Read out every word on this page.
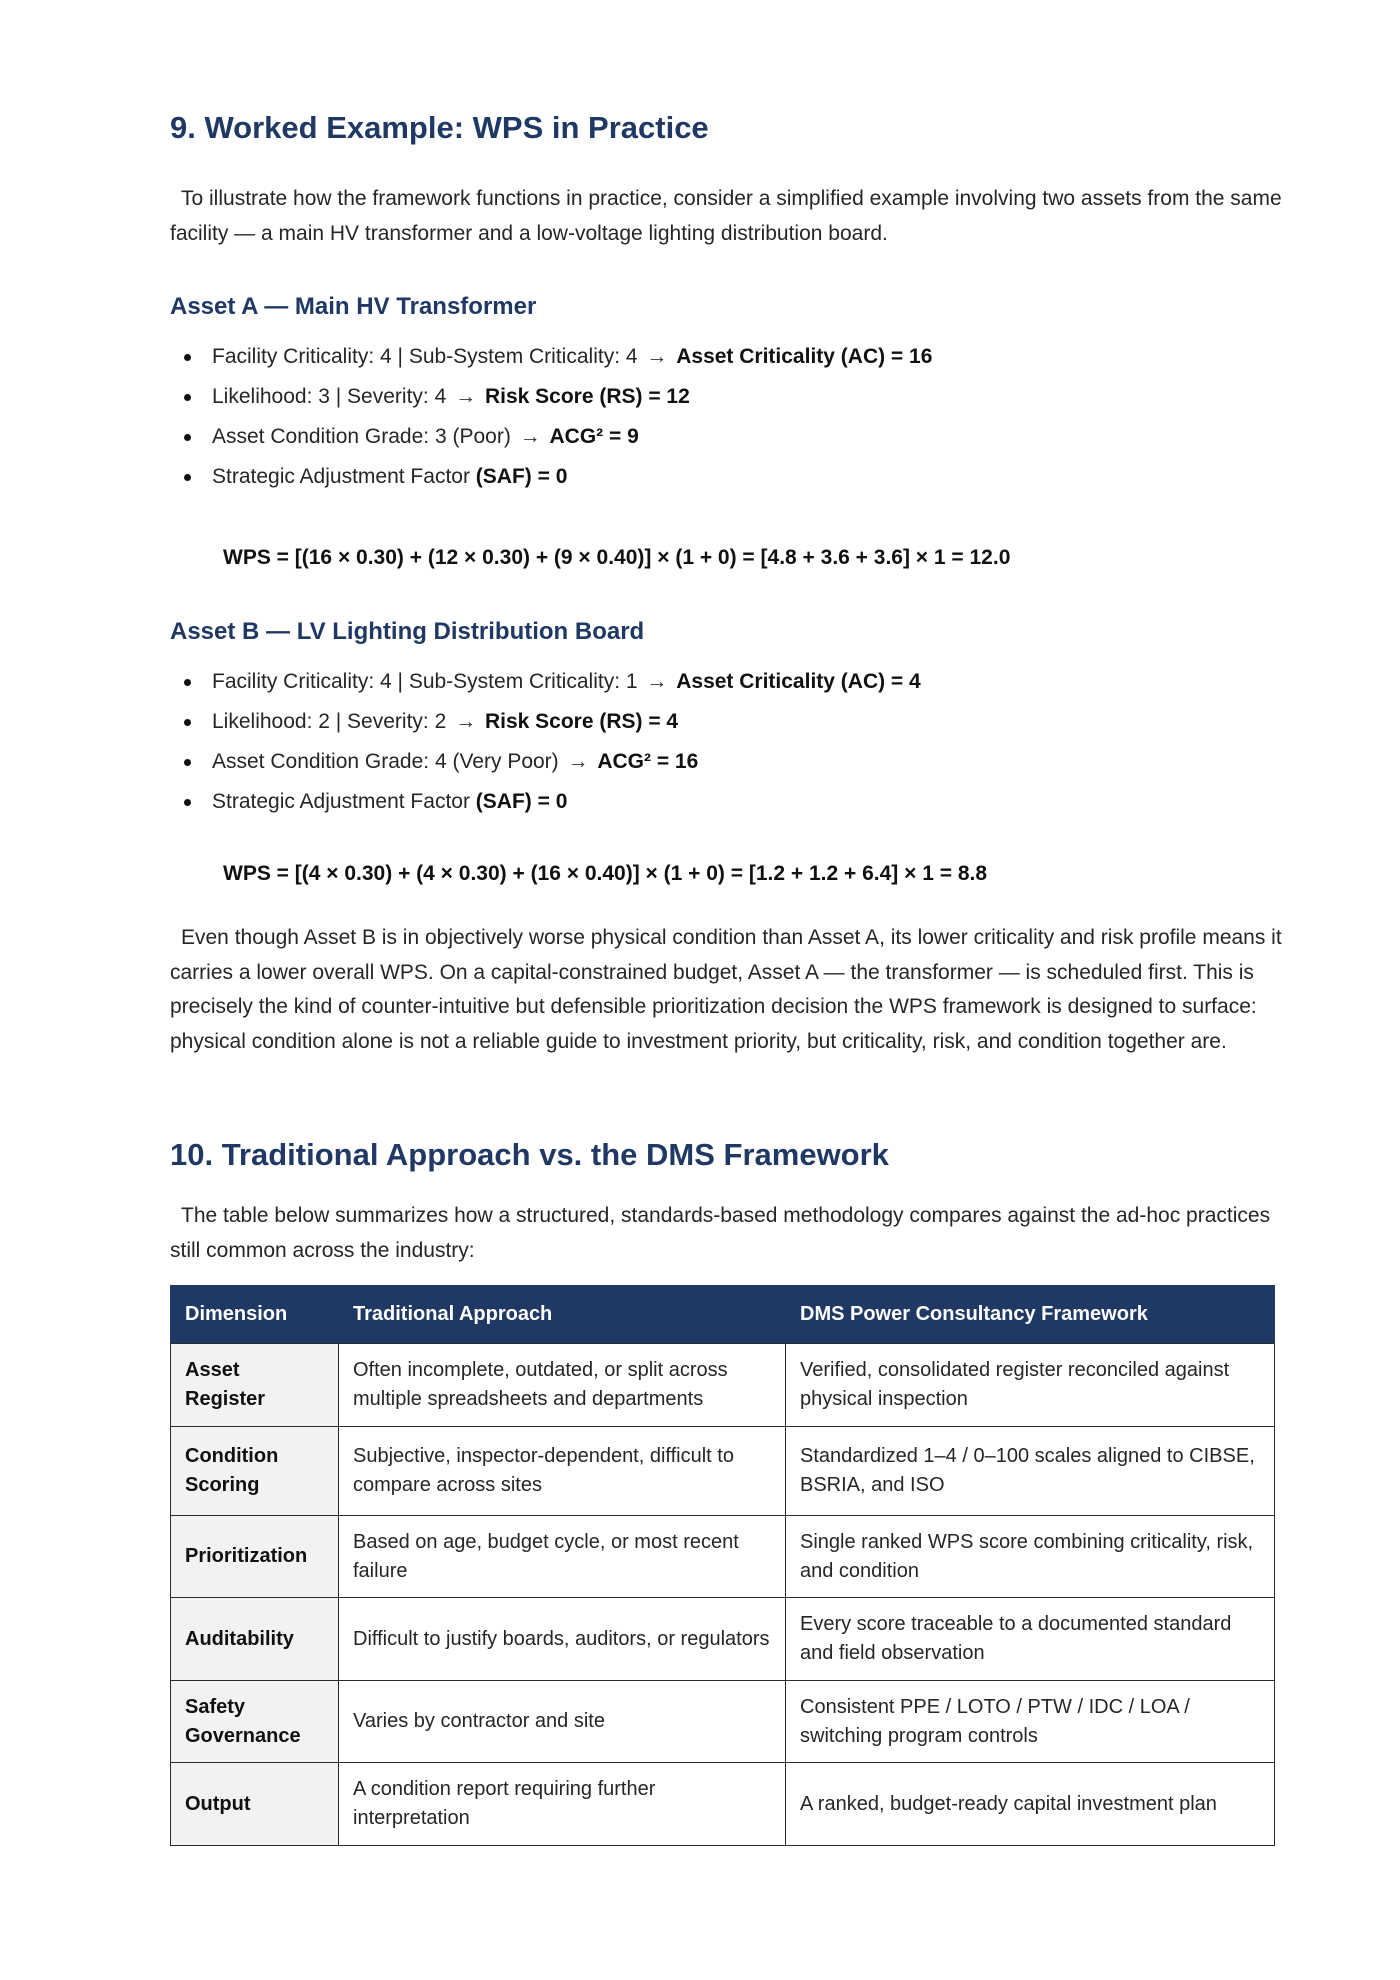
9. Worked Example: WPS in Practice

To illustrate how the framework functions in practice, consider a simplified example involving two assets from the same facility — a main HV transformer and a low-voltage lighting distribution board.

Asset A — Main HV Transformer
Facility Criticality: 4 | Sub-System Criticality: 4 → Asset Criticality (AC) = 16
Likelihood: 3 | Severity: 4 → Risk Score (RS) = 12
Asset Condition Grade: 3 (Poor) → ACG² = 9
Strategic Adjustment Factor (SAF) = 0
WPS = [(16 × 0.30) + (12 × 0.30) + (9 × 0.40)] × (1 + 0) = [4.8 + 3.6 + 3.6] × 1 = 12.0
Asset B — LV Lighting Distribution Board
Facility Criticality: 4 | Sub-System Criticality: 1 → Asset Criticality (AC) = 4
Likelihood: 2 | Severity: 2 → Risk Score (RS) = 4
Asset Condition Grade: 4 (Very Poor) → ACG² = 16
Strategic Adjustment Factor (SAF) = 0
WPS = [(4 × 0.30) + (4 × 0.30) + (16 × 0.40)] × (1 + 0) = [1.2 + 1.2 + 6.4] × 1 = 8.8

Even though Asset B is in objectively worse physical condition than Asset A, its lower criticality and risk profile means it carries a lower overall WPS. On a capital-constrained budget, Asset A — the transformer — is scheduled first. This is precisely the kind of counter-intuitive but defensible prioritization decision the WPS framework is designed to surface: physical condition alone is not a reliable guide to investment priority, but criticality, risk, and condition together are.

10. Traditional Approach vs. the DMS Framework

The table below summarizes how a structured, standards-based methodology compares against the ad-hoc practices still common across the industry:

Dimension	Traditional Approach	DMS Power Consultancy Framework
Asset Register	Often incomplete, outdated, or split across multiple spreadsheets and departments	Verified, consolidated register reconciled against physical inspection
Condition Scoring	Subjective, inspector-dependent, difficult to compare across sites	Standardized 1–4 / 0–100 scales aligned to CIBSE, BSRIA, and ISO
Prioritization	Based on age, budget cycle, or most recent failure	Single ranked WPS score combining criticality, risk, and condition
Auditability	Difficult to justify boards, auditors, or regulators	Every score traceable to a documented standard and field observation
Safety Governance	Varies by contractor and site	Consistent PPE / LOTO / PTW / IDC / LOA / switching program controls
Output	A condition report requiring further interpretation	A ranked, budget-ready capital investment plan
